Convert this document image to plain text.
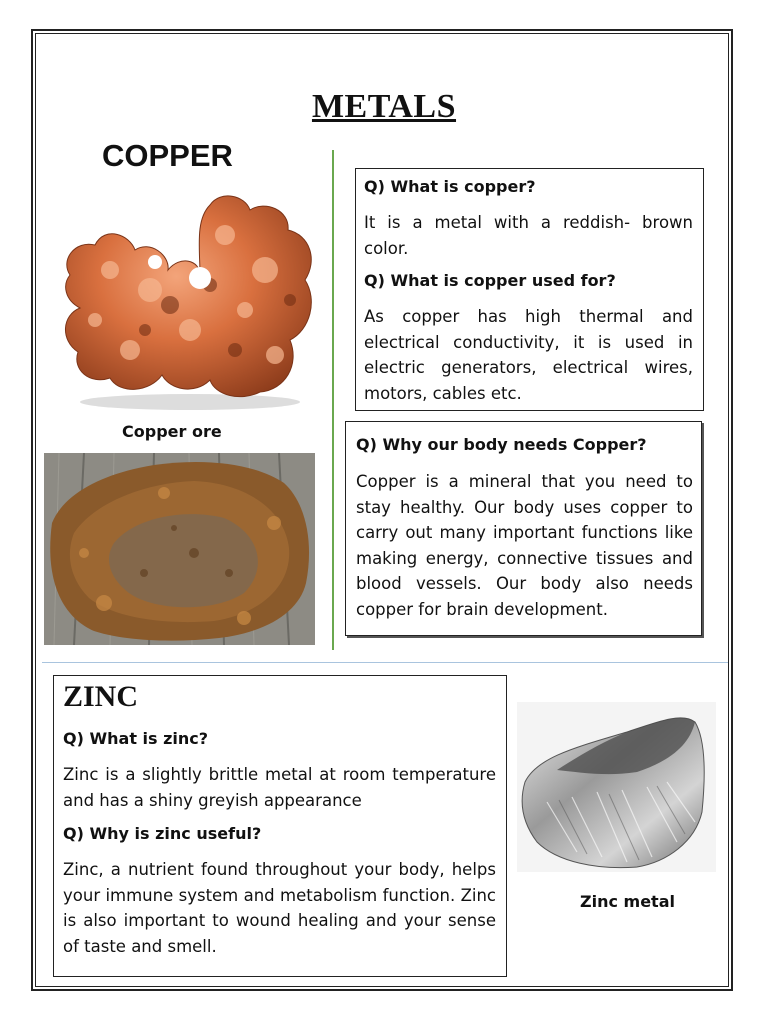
METALS
COPPER
Copper ore
Q) What is copper?

It is a metal with a reddish- brown color.

Q) What is copper used for?

As copper has high thermal and electrical conductivity, it is used in electric generators, electrical wires, motors, cables etc.

Q) Why our body needs Copper?

Copper is a mineral that you need to stay healthy. Our body uses copper to carry out many important functions like making energy, connective tissues and blood vessels. Our body also needs copper for brain development.

ZINC
Q) What is zinc?

Zinc is a slightly brittle metal at room temperature and has a shiny greyish appearance

Q) Why is zinc useful?

Zinc, a nutrient found throughout your body, helps your immune system and metabolism function. Zinc is also important to wound healing and your sense of taste and smell.

Zinc metal
